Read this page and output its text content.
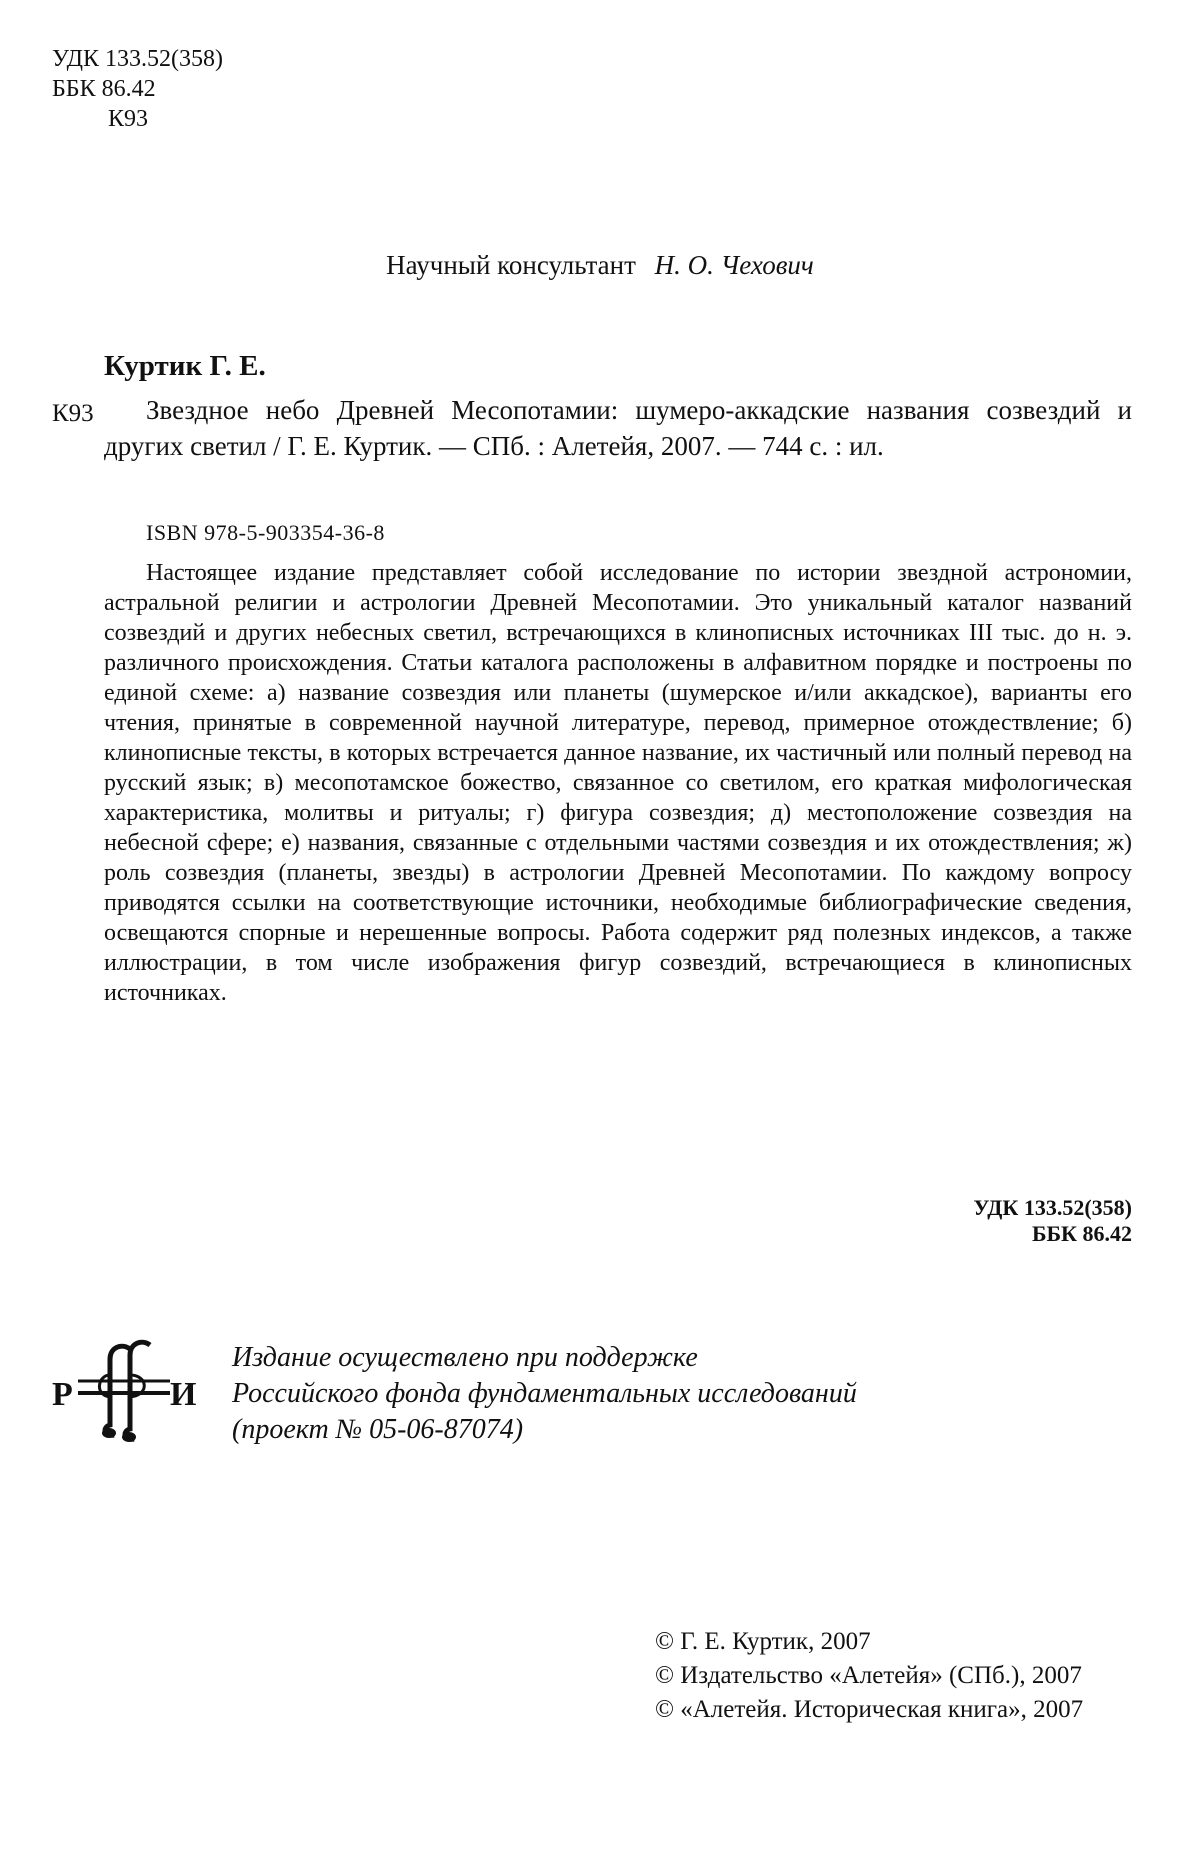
УДК 133.52(358)
ББК 86.42
К93
Научный консультант Н. О. Чехович
Куртик Г. Е.
К93	Звездное небо Древней Месопотамии: шумеро-аккадские названия созвездий и других светил / Г. Е. Куртик. — СПб. : Алетейя, 2007. — 744 с. : ил.
ISBN 978-5-903354-36-8
Настоящее издание представляет собой исследование по истории звездной астрономии, астральной религии и астрологии Древней Месопотамии. Это уникальный каталог названий созвездий и других небесных светил, встречающихся в клинописных источниках III тыс. до н. э. различного происхождения. Статьи каталога расположены в алфавитном порядке и построены по единой схеме: а) название созвездия или планеты (шумерское и/или аккадское), варианты его чтения, принятые в современной научной литературе, перевод, примерное отождествление; б) клинописные тексты, в которых встречается данное название, их частичный или полный перевод на русский язык; в) месопотамское божество, связанное со светилом, его краткая мифологическая характеристика, молитвы и ритуалы; г) фигура созвездия; д) местоположение созвездия на небесной сфере; е) названия, связанные с отдельными частями созвездия и их отождествления; ж) роль созвездия (планеты, звезды) в астрологии Древней Месопотамии. По каждому вопросу приводятся ссылки на соответствующие источники, необходимые библиографические сведения, освещаются спорные и нерешенные вопросы. Работа содержит ряд полезных индексов, а также иллюстрации, в том числе изображения фигур созвездий, встречающиеся в клинописных источниках.
УДК 133.52(358)
ББК 86.42
Р	И
Издание осуществлено при поддержке
Российского фонда фундаментальных исследований
(проект № 05-06-87074)
© Г. Е. Куртик, 2007
© Издательство «Алетейя» (СПб.), 2007
© «Алетейя. Историческая книга», 2007
